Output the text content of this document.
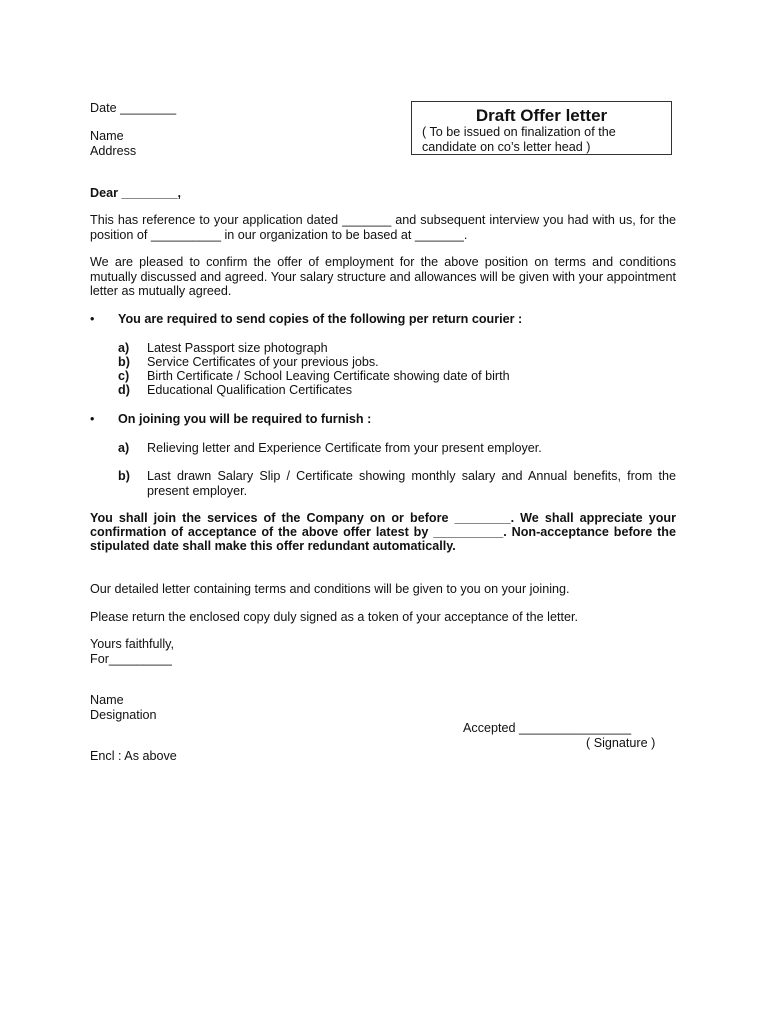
Date ________
Name
Address
Draft Offer letter
( To be issued on finalization of the
candidate on co’s letter head )
Dear ________,

This has reference to your application dated _______ and subsequent interview you had with us, for the position of __________ in our organization to be based at _______.

We are pleased to confirm the offer of employment for the above position on terms and conditions mutually discussed and agreed. Your salary structure and allowances will be given with your appointment letter as mutually agreed.

• You are required to send copies of the following per return courier :
a) Latest Passport size photograph
b) Service Certificates of your previous jobs.
c) Birth Certificate / School Leaving Certificate showing date of birth
d) Educational Qualification Certificates
• On joining you will be required to furnish :
a) Relieving letter and Experience Certificate from your present employer.
b) Last drawn Salary Slip / Certificate showing monthly salary and Annual benefits, from the present employer.

You shall join the services of the Company on or before ________. We shall appreciate your confirmation of acceptance of the above offer latest by __________. Non-acceptance before the stipulated date shall make this offer redundant automatically.

Our detailed letter containing terms and conditions will be given to you on your joining.

Please return the enclosed copy duly signed as a token of your acceptance of the letter.

Yours faithfully,
For_________
Name
Designation
Accepted ________________
( Signature )
Encl : As above
